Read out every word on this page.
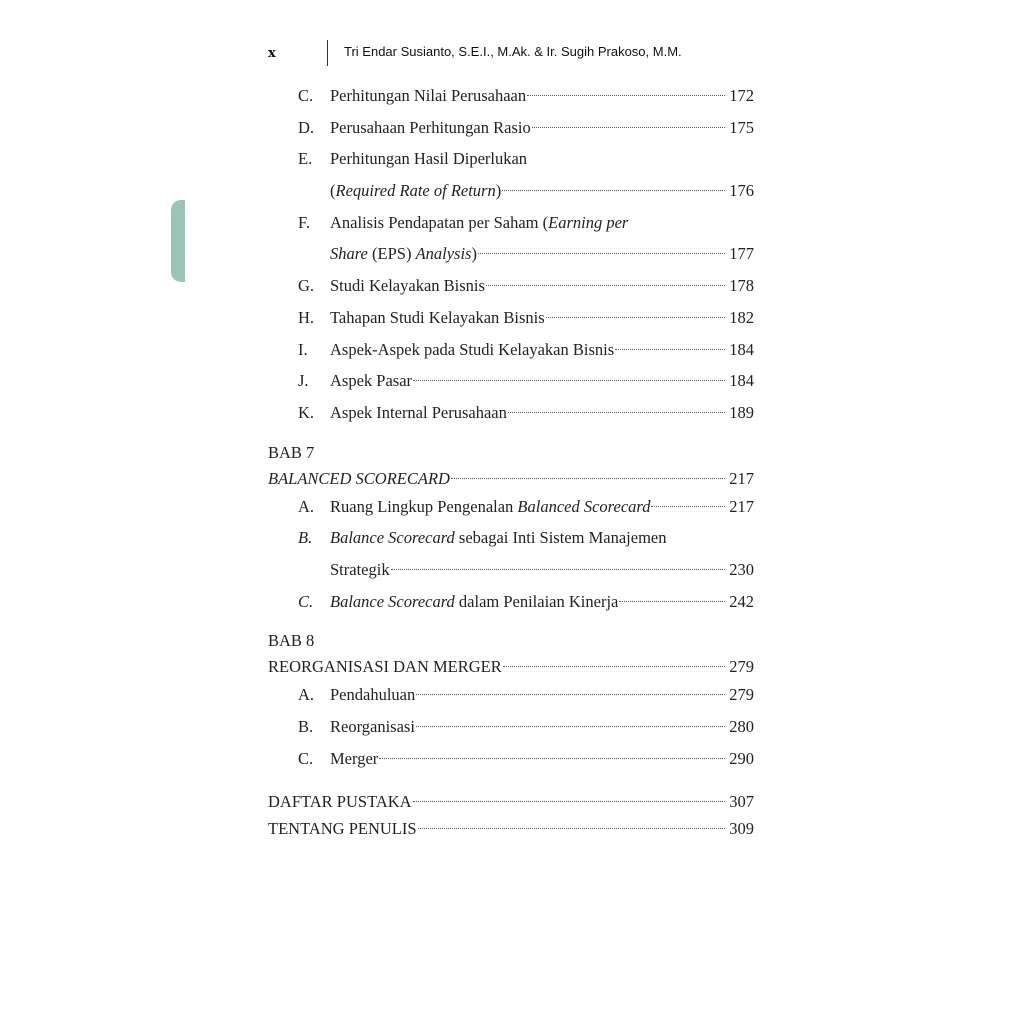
x	Tri Endar Susianto, S.E.I., M.Ak. & Ir. Sugih Prakoso, M.M.
C. Perhitungan Nilai Perusahaan	172
D. Perusahaan Perhitungan Rasio	175
E. Perhitungan Hasil Diperlukan
(Required Rate of Return)	176
F. Analisis Pendapatan per Saham (Earning per
Share (EPS) Analysis)	177
G. Studi Kelayakan Bisnis	178
H. Tahapan Studi Kelayakan Bisnis	182
I. Aspek-Aspek pada Studi Kelayakan Bisnis	184
J. Aspek Pasar	184
K. Aspek Internal Perusahaan	189
BAB 7
BALANCED SCORECARD	217
A. Ruang Lingkup Pengenalan Balanced Scorecard	217
B. Balance Scorecard sebagai Inti Sistem Manajemen
Strategik	230
C. Balance Scorecard dalam Penilaian Kinerja	242
BAB 8
REORGANISASI DAN MERGER	279
A. Pendahuluan	279
B. Reorganisasi	280
C. Merger	290
DAFTAR PUSTAKA	307
TENTANG PENULIS	309
